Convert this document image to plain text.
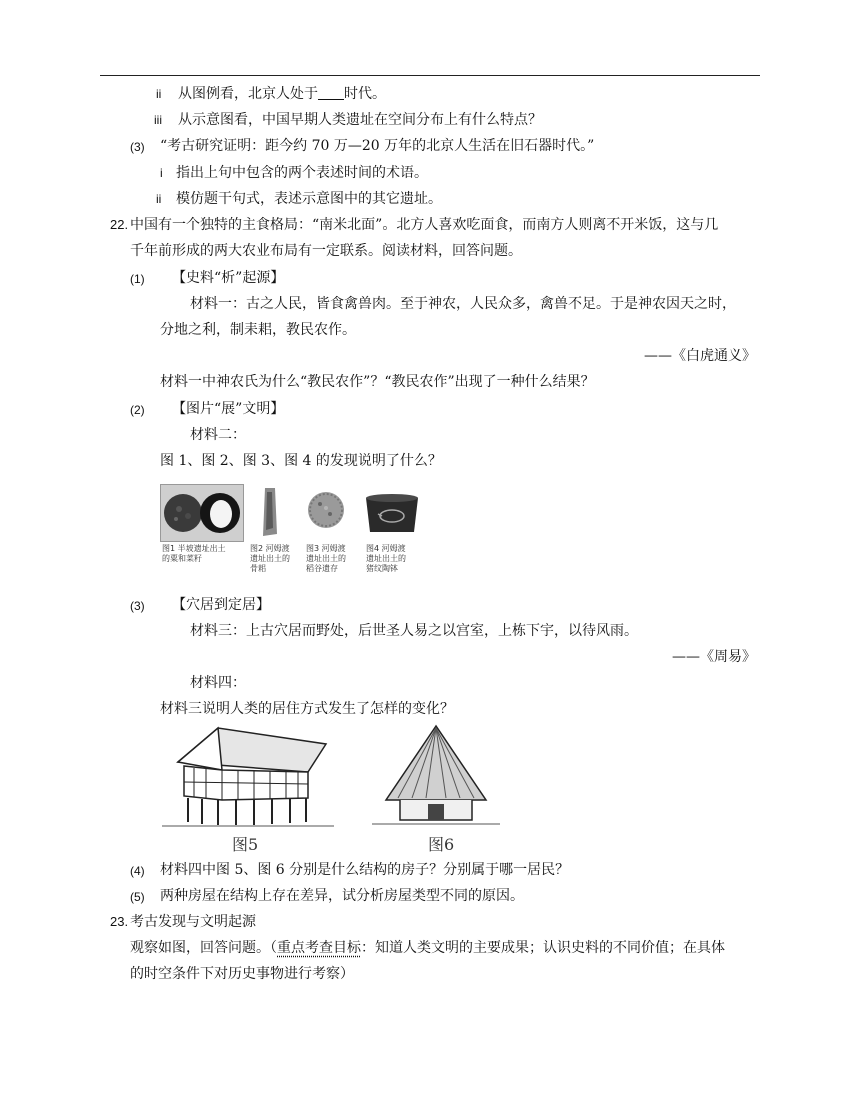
ii 从图例看，北京人处于 时代。
iii 从示意图看，中国早期人类遗址在空间分布上有什么特点？
(3) “考古研究证明：距今约 70 万—20 万年的北京人生活在旧石器时代。”
i 指出上句中包含的两个表述时间的术语。
ii 模仿题干句式，表述示意图中的其它遗址。
22. 中国有一个独特的主食格局：“南米北面”。北方人喜欢吃面食，而南方人则离不开米饭，这与几
千年前形成的两大农业布局有一定联系。阅读材料，回答问题。
(1) 【史料“析”起源】
材料一：古之人民，皆食禽兽肉。至于神农，人民众多，禽兽不足。于是神农因天之时，
分地之利，制耒耜，教民农作。
——《白虎通义》
材料一中神农氏为什么“教民农作”？“教民农作”出现了一种什么结果？
(2) 【图片“展”文明】
材料二：
图 1、图 2、图 3、图 4 的发现说明了什么？
图1 半坡遗址出土
的粟和菜籽
图2 河姆渡
遗址出土的
骨耜
图3 河姆渡
遗址出土的
稻谷遗存
图4 河姆渡
遗址出土的
猪纹陶钵
(3) 【穴居到定居】
材料三：上古穴居而野处，后世圣人易之以宫室，上栋下宇，以待风雨。
——《周易》
材料四：
材料三说明人类的居住方式发生了怎样的变化？
图5	图6
(4) 材料四中图 5、图 6 分别是什么结构的房子？分别属于哪一居民？
(5) 两种房屋在结构上存在差异，试分析房屋类型不同的原因。
23. 考古发现与文明起源
观察如图，回答问题。（重点考查目标：知道人类文明的主要成果；认识史料的不同价值；在具体
的时空条件下对历史事物进行考察）
